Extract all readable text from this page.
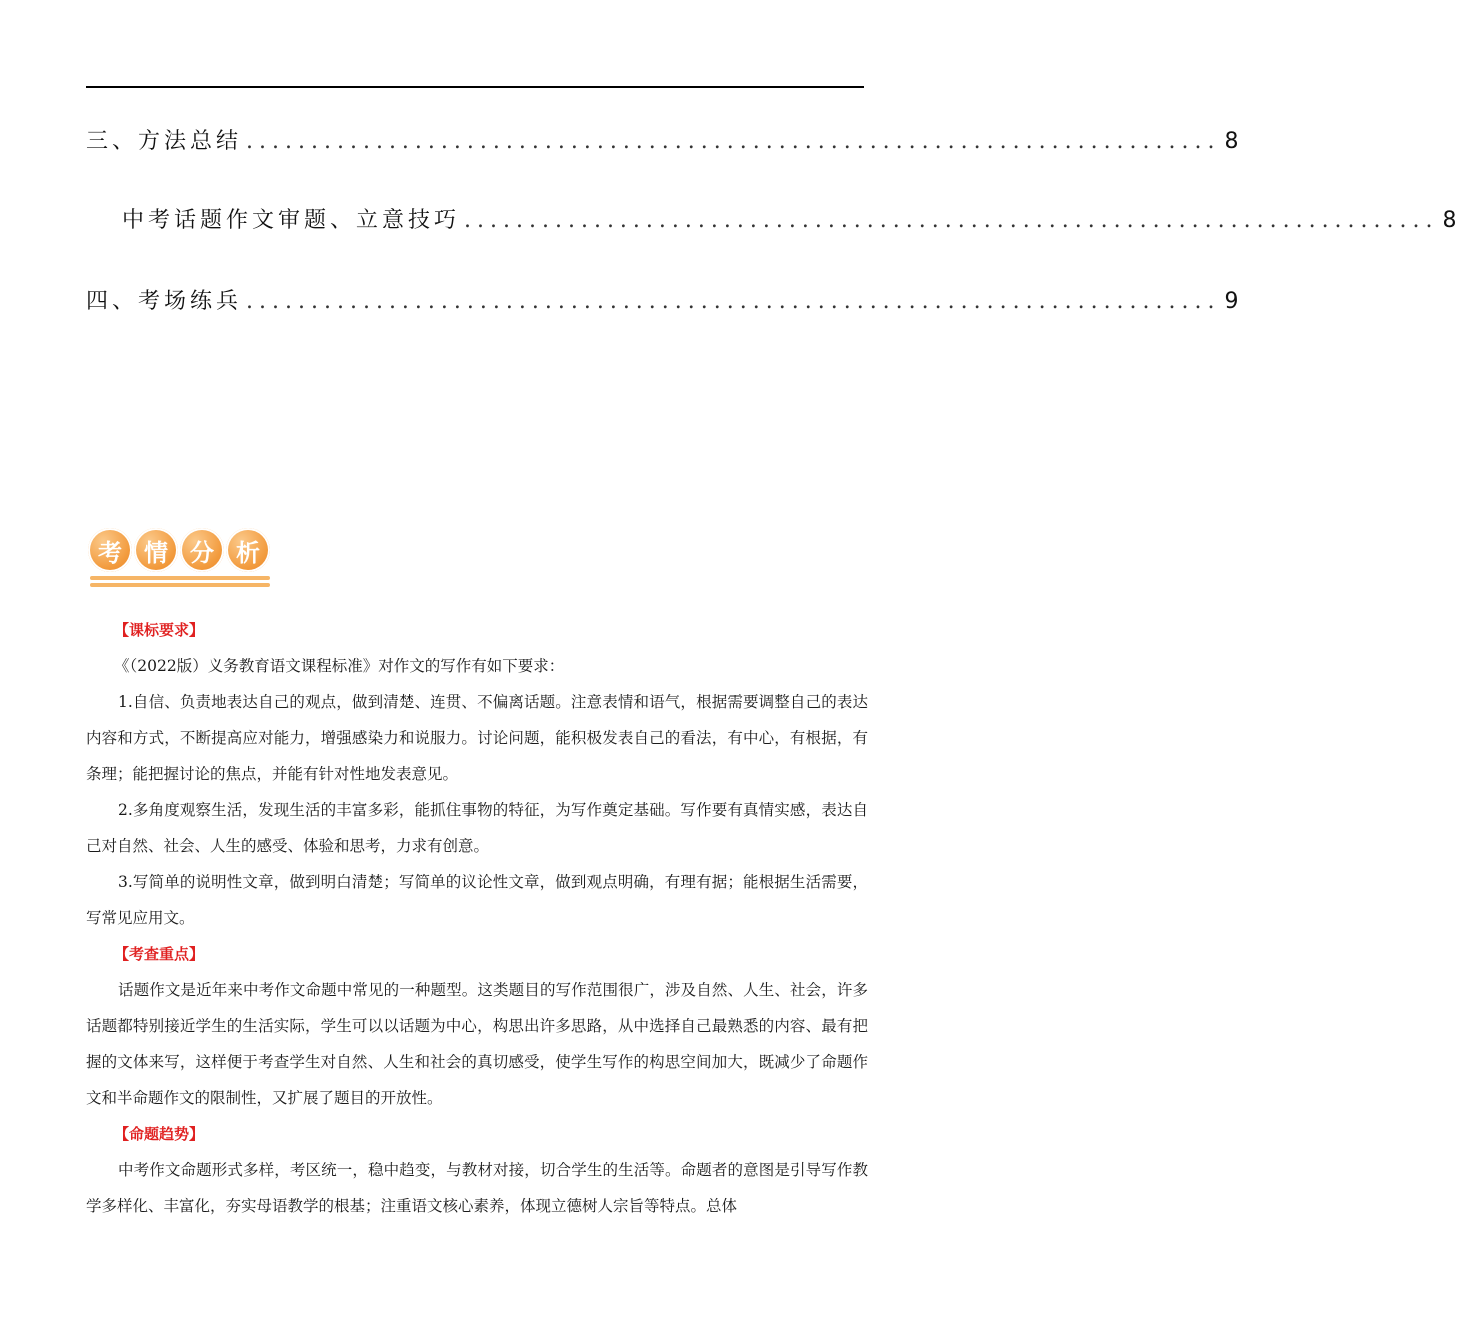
三、方法总结 ........................................................................... 8
中考话题作文审题、立意技巧 ........................................................................... 8
四、考场练兵 ........................................................................... 9
考 情 分 析

【课标要求】

《（2022版）义务教育语文课程标准》对作文的写作有如下要求：

1.自信、负责地表达自己的观点，做到清楚、连贯、不偏离话题。注意表情和语气，根据需要调整自己的表达内容和方式，不断提高应对能力，增强感染力和说服力。讨论问题，能积极发表自己的看法，有中心，有根据，有条理；能把握讨论的焦点，并能有针对性地发表意见。

2.多角度观察生活，发现生活的丰富多彩，能抓住事物的特征，为写作奠定基础。写作要有真情实感，表达自己对自然、社会、人生的感受、体验和思考，力求有创意。

3.写简单的说明性文章，做到明白清楚；写简单的议论性文章，做到观点明确，有理有据；能根据生活需要，写常见应用文。

【考查重点】

话题作文是近年来中考作文命题中常见的一种题型。这类题目的写作范围很广，涉及自然、人生、社会，许多话题都特别接近学生的生活实际，学生可以以话题为中心，构思出许多思路，从中选择自己最熟悉的内容、最有把握的文体来写，这样便于考查学生对自然、人生和社会的真切感受，使学生写作的构思空间加大，既减少了命题作文和半命题作文的限制性，又扩展了题目的开放性。

【命题趋势】

中考作文命题形式多样，考区统一，稳中趋变，与教材对接，切合学生的生活等。命题者的意图是引导写作教学多样化、丰富化，夯实母语教学的根基；注重语文核心素养，体现立德树人宗旨等特点。总体
